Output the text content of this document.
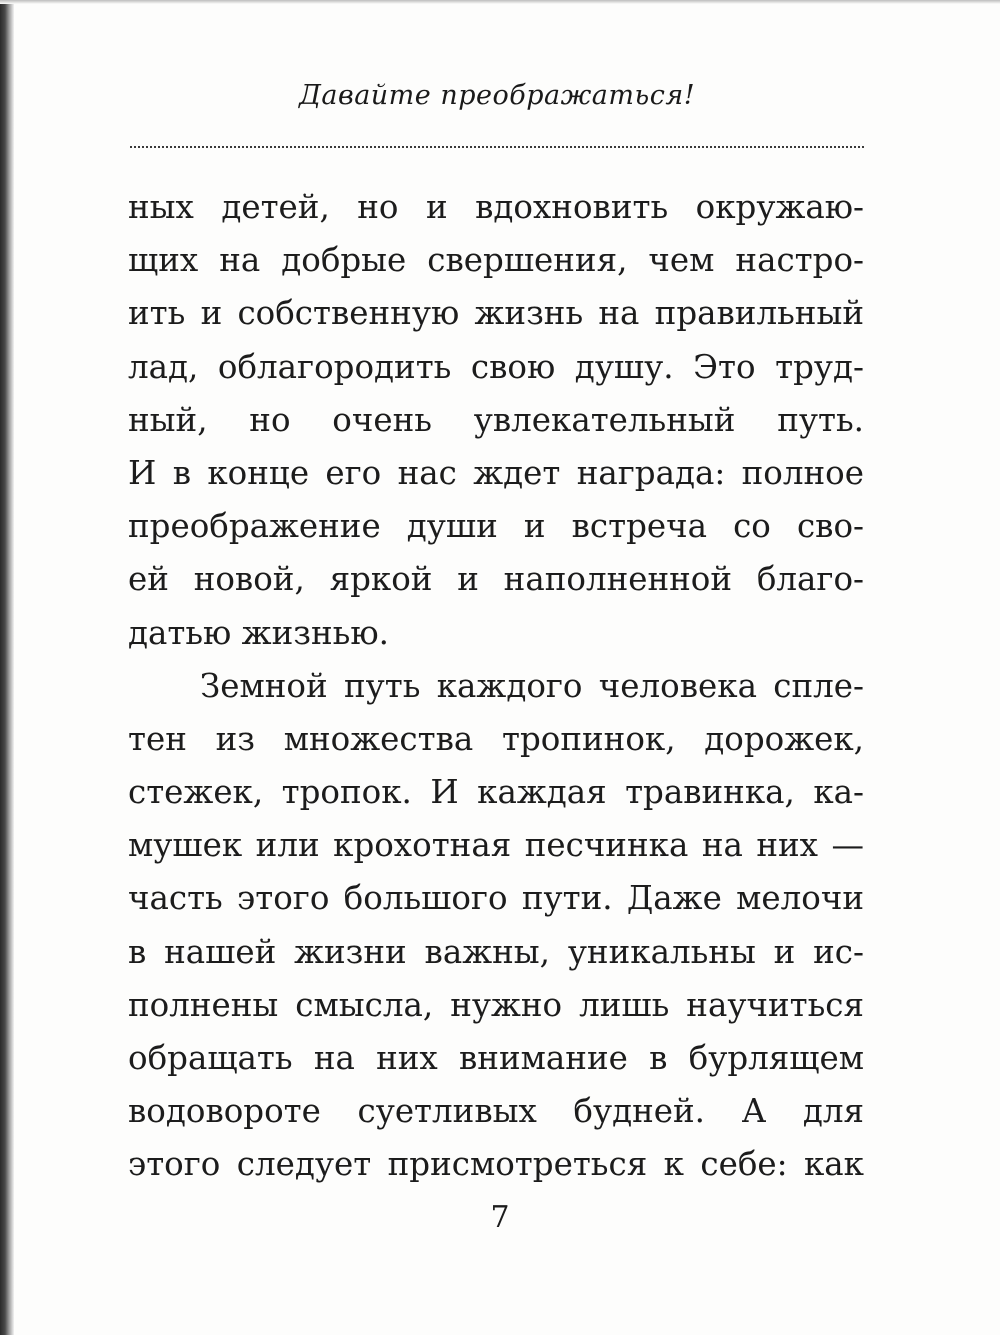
Давайте преображаться!
ных детей, но и вдохновить окружаю-
щих на добрые свершения, чем настро-
ить и собственную жизнь на правильный
лад, облагородить свою душу. Это труд-
ный, но очень увлекательный путь.
И в конце его нас ждет награда: полное
преображение души и встреча со сво-
ей новой, яркой и наполненной благо-
датью жизнью.
Земной путь каждого человека спле-
тен из множества тропинок, дорожек,
стежек, тропок. И каждая травинка, ка-
мушек или крохотная песчинка на них —
часть этого большого пути. Даже мелочи
в нашей жизни важны, уникальны и ис-
полнены смысла, нужно лишь научиться
обращать на них внимание в бурлящем
водовороте суетливых будней. А для
этого следует присмотреться к себе: как
7
